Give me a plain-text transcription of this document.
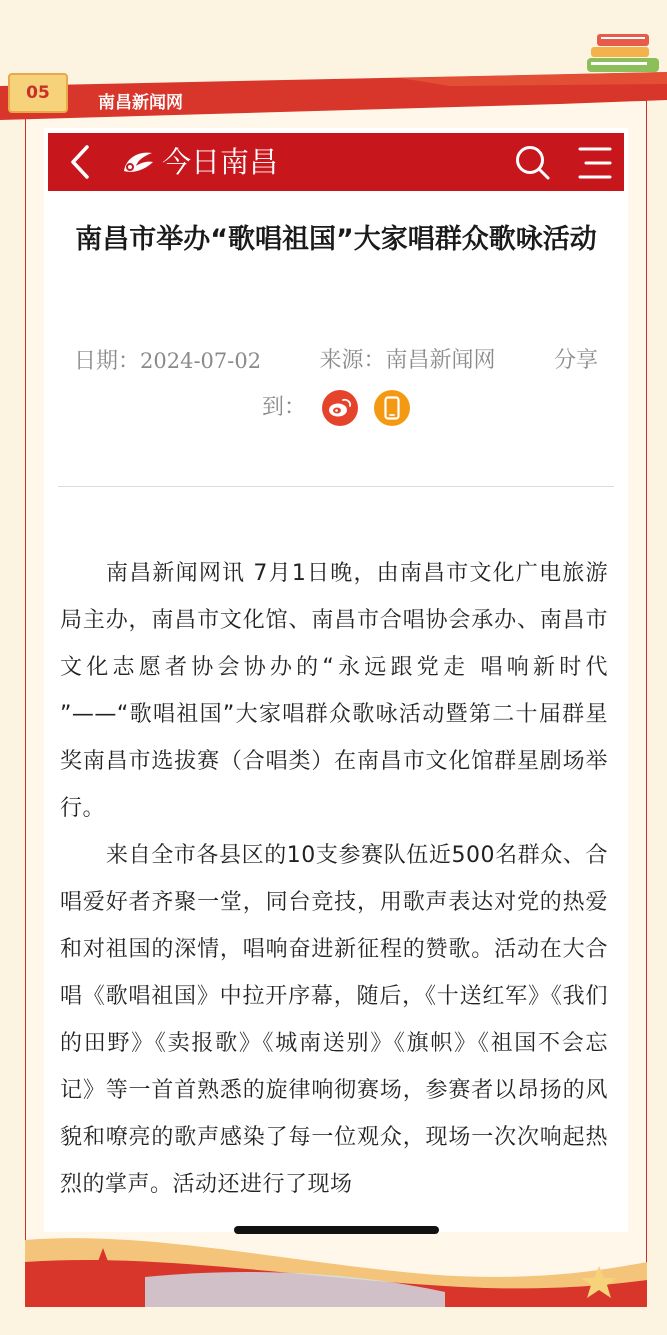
05	南昌新闻网
今日南昌
南昌市举办“歌唱祖国”大家唱群众歌咏活动
日期：2024-07-02	来源：南昌新闻网	分享
到：

南昌新闻网讯 7月1日晚，由南昌市文化广电旅游局主办，南昌市文化馆、南昌市合唱协会承办、南昌市文化志愿者协会协办的“永远跟党走 唱响新时代 ”——“歌唱祖国”大家唱群众歌咏活动暨第二十届群星奖南昌市选拔赛（合唱类）在南昌市文化馆群星剧场举行。

来自全市各县区的10支参赛队伍近500名群众、合唱爱好者齐聚一堂，同台竞技，用歌声表达对党的热爱和对祖国的深情，唱响奋进新征程的赞歌。活动在大合唱《歌唱祖国》中拉开序幕，随后，《十送红军》《我们的田野》《卖报歌》《城南送别》《旗帜》《祖国不会忘记》等一首首熟悉的旋律响彻赛场，参赛者以昂扬的风貌和嘹亮的歌声感染了每一位观众，现场一次次响起热烈的掌声。活动还进行了现场
